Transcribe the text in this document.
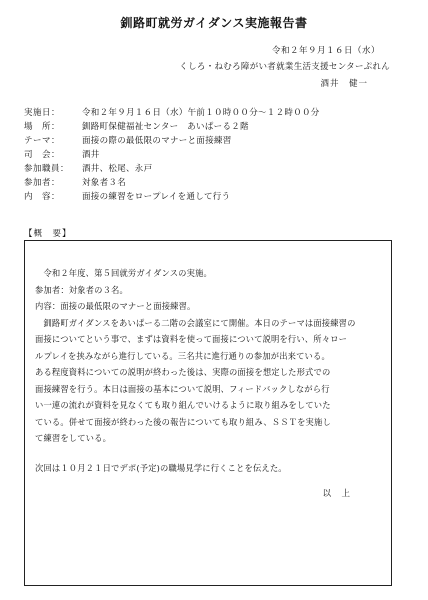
釧路町就労ガイダンス実施報告書
令和２年９月１６日（水）
くしろ・ねむろ障がい者就業生活支援センターぷれん
酒井　健一
実施日：	令和２年９月１６日（水）午前１０時００分～１２時００分
場　所：	釧路町保健福祉センター　あいぱーる２階
テーマ：	面接の際の最低限のマナーと面接練習
司　会：	酒井
参加職員： 酒井、松尾、永戸
参加者：	対象者３名
内　容：	面接の練習をロープレイを通して行う
【概　要】

　令和２年度、第５回就労ガイダンスの実施。

参加者：対象者の３名。

内容：面接の最低限のマナーと面接練習。

　釧路町ガイダンスをあいぱーる二階の会議室にて開催。本日のテーマは面接練習の

面接についてという事で、まずは資料を使って面接について説明を行い、所々ロー

ルプレイを挟みながら進行している。三名共に進行通りの参加が出来ている。

ある程度資料についての説明が終わった後は、実際の面接を想定した形式での

面接練習を行う。本日は面接の基本について説明、フィードバックしながら行

い一連の流れが資料を見なくても取り組んでいけるように取り組みをしていた

ている。併せて面接が終わった後の報告についても取り組み、ＳＳＴを実施し

て練習をしている。

次回は１０月２１日でデポ(予定)の職場見学に行くことを伝えた。

以　上
